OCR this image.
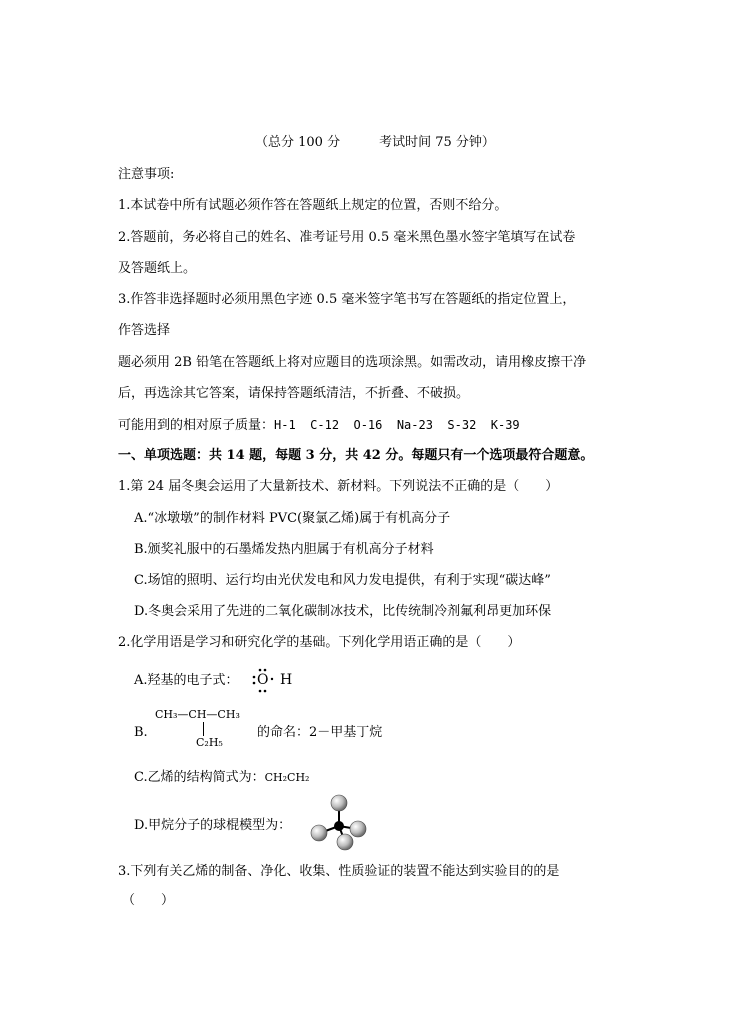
（总分 100 分　　　考试时间 75 分钟）
注意事项:
1.本试卷中所有试题必须作答在答题纸上规定的位置，否则不给分。
2.答题前，务必将自己的姓名、准考证号用 0.5 毫米黑色墨水签字笔填写在试卷
及答题纸上。
3.作答非选择题时必须用黑色字迹 0.5 毫米签字笔书写在答题纸的指定位置上，
作答选择
题必须用 2B 铅笔在答题纸上将对应题目的选项涂黑。如需改动，请用橡皮擦干净
后，再选涂其它答案，请保持答题纸清洁，不折叠、不破损。
可能用到的相对原子质量：H-1  C-12  O-16  Na-23  S-32  K-39
一、单项选题：共 14 题，每题 3 分，共 42 分。每题只有一个选项最符合题意。
1.第 24 届冬奥会运用了大量新技术、新材料。下列说法不正确的是（　　）
A.“冰墩墩”的制作材料 PVC(聚氯乙烯)属于有机高分子
B.颁奖礼服中的石墨烯发热内胆属于有机高分子材料
C.场馆的照明、运行均由光伏发电和风力发电提供，有利于实现“碳达峰”
D.冬奥会采用了先进的二氧化碳制冰技术，比传统制冷剂氟利昂更加环保
2.化学用语是学习和研究化学的基础。下列化学用语正确的是（　　）
A.羟基的电子式： O H
B.
CH₃—CH—CH₃
C₂H₅
的命名：2－甲基丁烷
C.乙烯的结构简式为：CH₂CH₂
D.甲烷分子的球棍模型为：
3.下列有关乙烯的制备、净化、收集、性质验证的装置不能达到实验目的的是
（　　）
